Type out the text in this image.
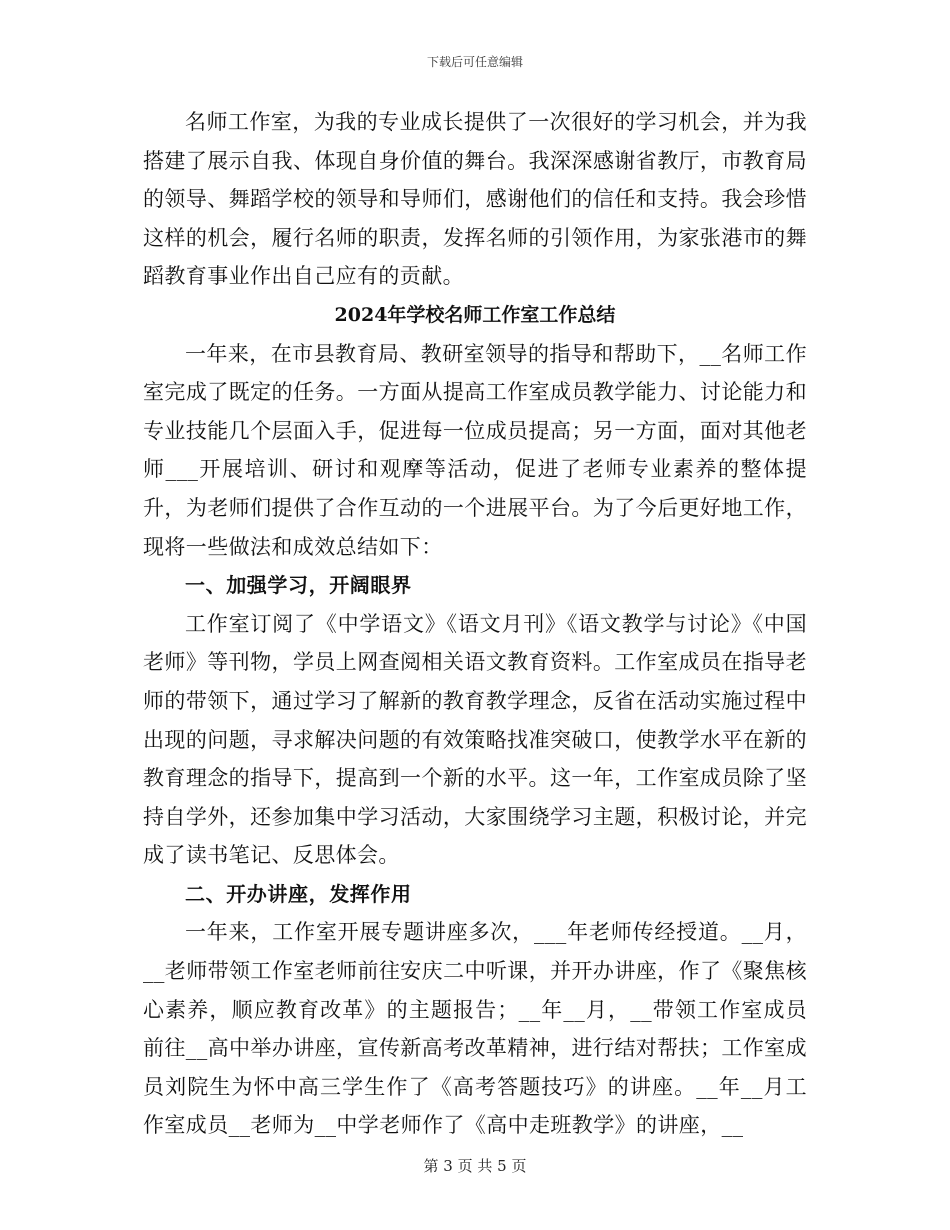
下载后可任意编辑

名师工作室，为我的专业成长提供了一次很好的学习机会，并为我搭建了展示自我、体现自身价值的舞台。我深深感谢省教厅，市教育局的领导、舞蹈学校的领导和导师们，感谢他们的信任和支持。我会珍惜这样的机会，履行名师的职责，发挥名师的引领作用，为家张港市的舞蹈教育事业作出自己应有的贡献。

2024年学校名师工作室工作总结

一年来，在市县教育局、教研室领导的指导和帮助下，__名师工作室完成了既定的任务。一方面从提高工作室成员教学能力、讨论能力和专业技能几个层面入手，促进每一位成员提高；另一方面，面对其他老师___开展培训、研讨和观摩等活动，促进了老师专业素养的整体提升，为老师们提供了合作互动的一个进展平台。为了今后更好地工作，现将一些做法和成效总结如下：

一、加强学习，开阔眼界

工作室订阅了《中学语文》《语文月刊》《语文教学与讨论》《中国老师》等刊物，学员上网查阅相关语文教育资料。工作室成员在指导老师的带领下，通过学习了解新的教育教学理念，反省在活动实施过程中出现的问题，寻求解决问题的有效策略找准突破口，使教学水平在新的教育理念的指导下，提高到一个新的水平。这一年，工作室成员除了坚持自学外，还参加集中学习活动，大家围绕学习主题，积极讨论，并完成了读书笔记、反思体会。

二、开办讲座，发挥作用

一年来，工作室开展专题讲座多次，___年老师传经授道。__月，__老师带领工作室老师前往安庆二中听课，并开办讲座，作了《聚焦核心素养，顺应教育改革》的主题报告；__年__月，__带领工作室成员前往__高中举办讲座，宣传新高考改革精神，进行结对帮扶；工作室成员刘院生为怀中高三学生作了《高考答题技巧》的讲座。__年__月工作室成员__老师为__中学老师作了《高中走班教学》的讲座，__

第 3 页 共 5 页
